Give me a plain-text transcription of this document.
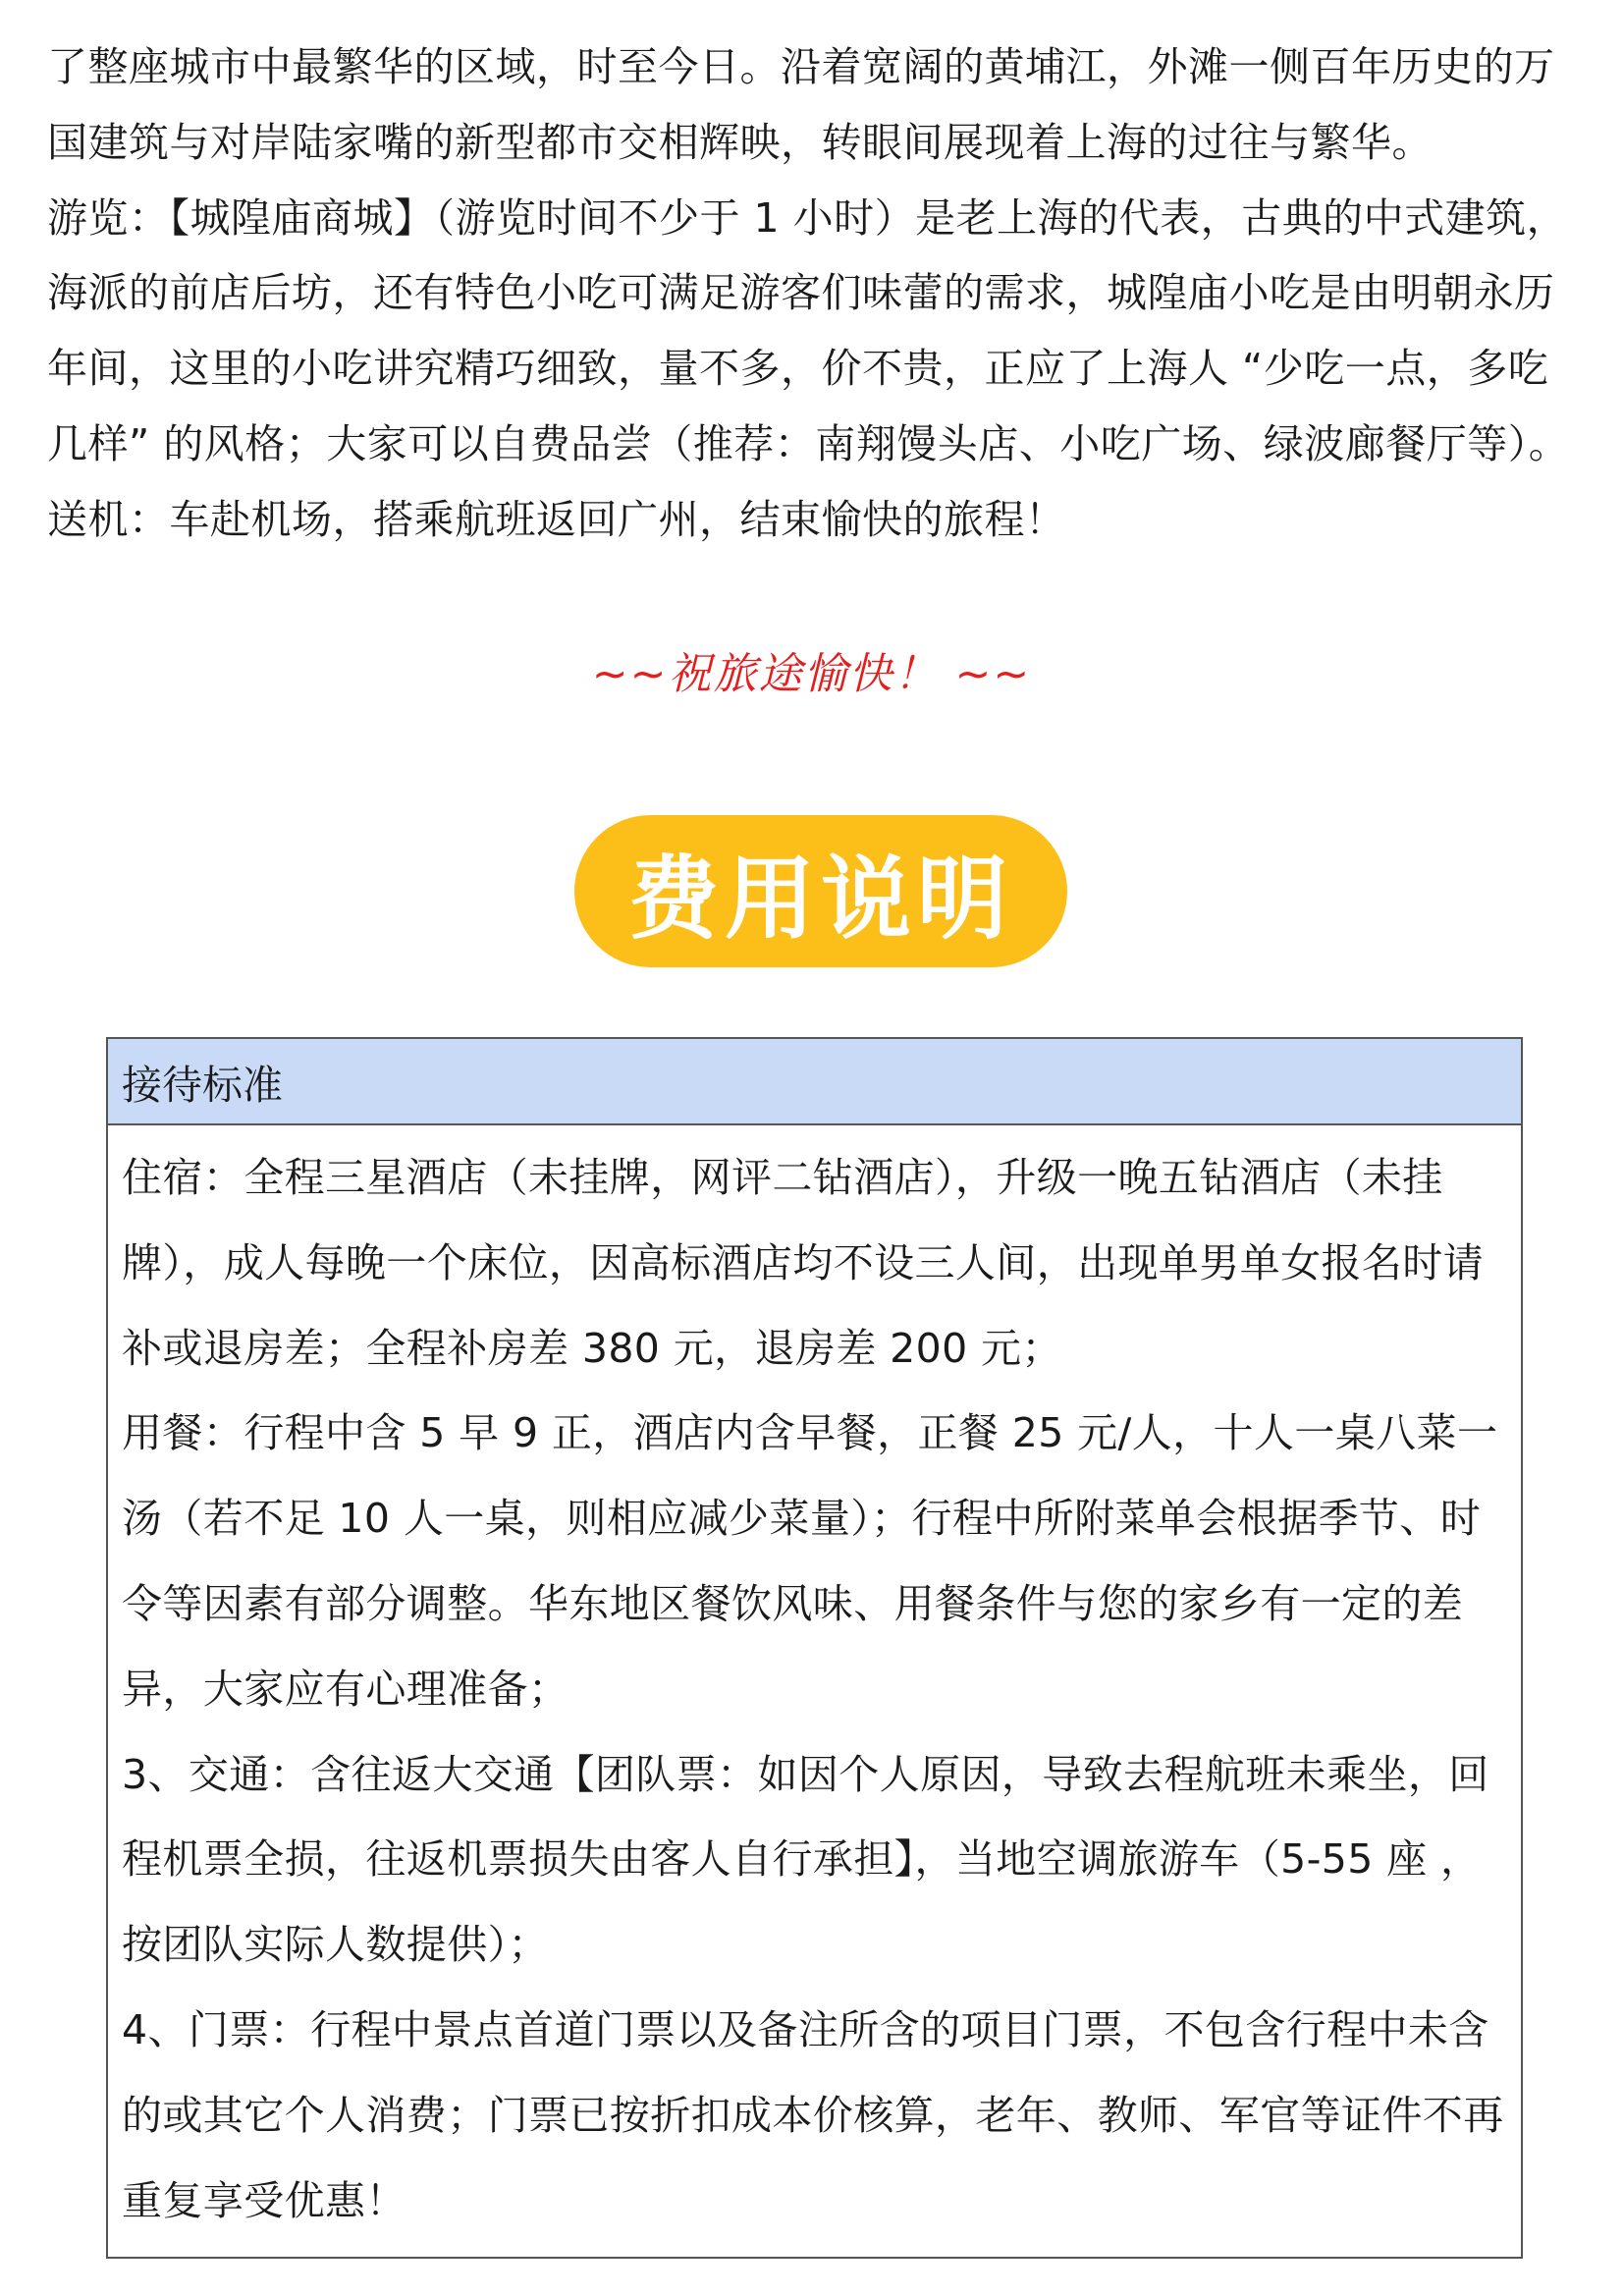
了整座城市中最繁华的区域，时至今日。沿着宽阔的黄埔江，外滩一侧百年历史的万国建筑与对岸陆家嘴的新型都市交相辉映，转眼间展现着上海的过往与繁华。

游览：【城隍庙商城】（游览时间不少于 1 小时）是老上海的代表，古典的中式建筑，海派的前店后坊，还有特色小吃可满足游客们味蕾的需求，城隍庙小吃是由明朝永历年间，这里的小吃讲究精巧细致，量不多，价不贵，正应了上海人 “少吃一点，多吃几样” 的风格；大家可以自费品尝（推荐：南翔馒头店、小吃广场、绿波廊餐厅等）。

送机：车赴机场，搭乘航班返回广州，结束愉快的旅程！

~~祝旅途愉快！ ~~
费用说明
接待标准

住宿：全程三星酒店（未挂牌，网评二钻酒店），升级一晚五钻酒店（未挂牌），成人每晚一个床位，因高标酒店均不设三人间，出现单男单女报名时请补或退房差；全程补房差 380 元，退房差 200 元；

用餐：行程中含 5 早 9 正，酒店内含早餐，正餐 25 元/人，十人一桌八菜一汤（若不足 10 人一桌，则相应减少菜量）；行程中所附菜单会根据季节、时令等因素有部分调整。华东地区餐饮风味、用餐条件与您的家乡有一定的差异，大家应有心理准备；

3、交通：含往返大交通【团队票：如因个人原因，导致去程航班未乘坐，回程机票全损，往返机票损失由客人自行承担】，当地空调旅游车（5-55 座 ，按团队实际人数提供）；

4、门票：行程中景点首道门票以及备注所含的项目门票，不包含行程中未含的或其它个人消费；门票已按折扣成本价核算，老年、教师、军官等证件不再重复享受优惠！
